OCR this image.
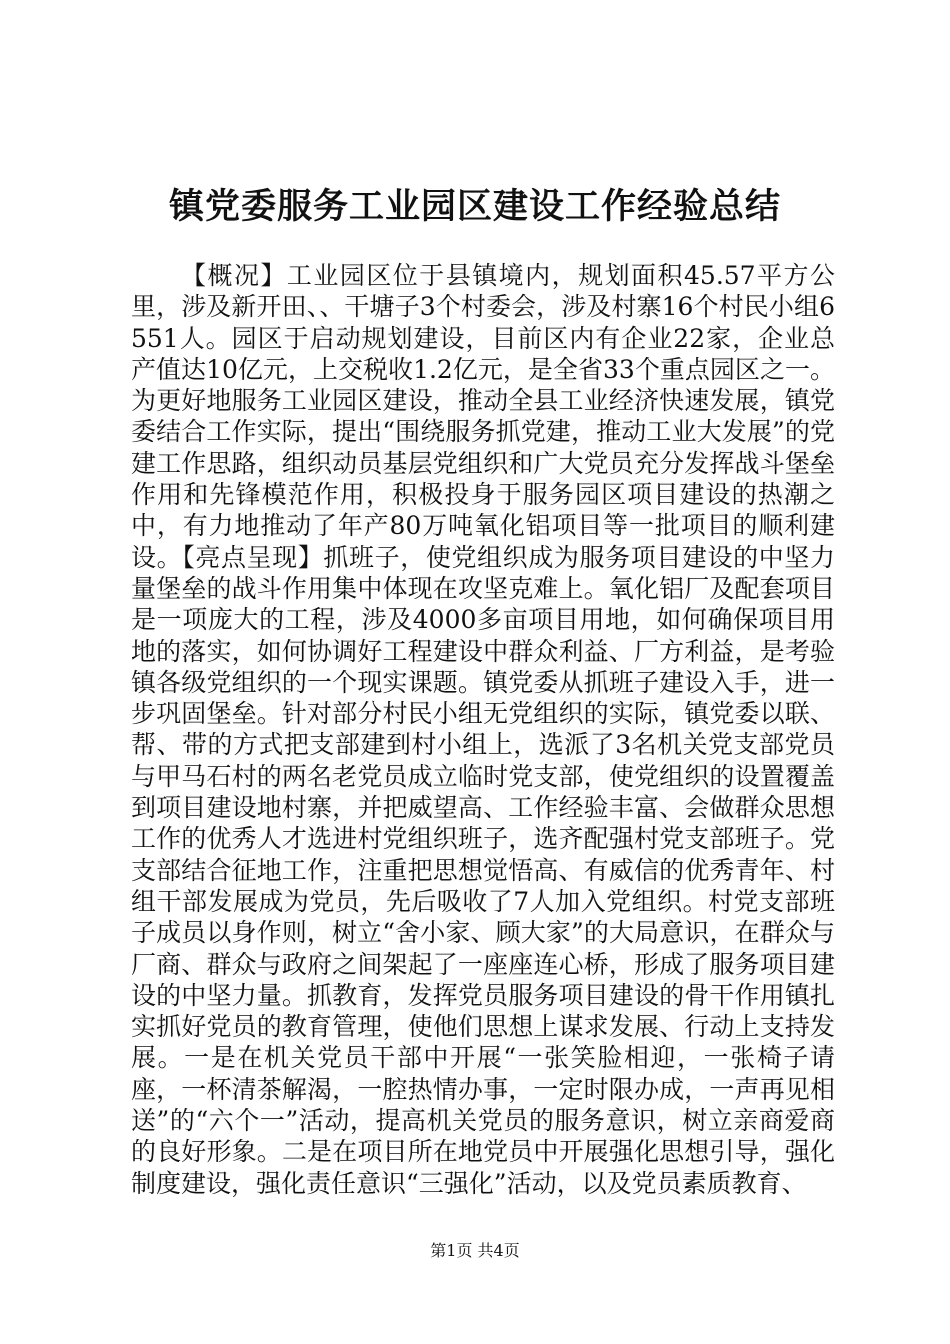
镇党委服务工业园区建设工作经验总结

【概况】工业园区位于县镇境内，规划面积45.57平方公里，涉及新开田、、干塘子3个村委会，涉及村寨16个村民小组6551人。园区于启动规划建设，目前区内有企业22家，企业总产值达10亿元，上交税收1.2亿元，是全省33个重点园区之一。为更好地服务工业园区建设，推动全县工业经济快速发展，镇党委结合工作实际，提出“围绕服务抓党建，推动工业大发展”的党建工作思路，组织动员基层党组织和广大党员充分发挥战斗堡垒作用和先锋模范作用，积极投身于服务园区项目建设的热潮之中，有力地推动了年产80万吨氧化铝项目等一批项目的顺利建设。【亮点呈现】抓班子，使党组织成为服务项目建设的中坚力量堡垒的战斗作用集中体现在攻坚克难上。氧化铝厂及配套项目是一项庞大的工程，涉及4000多亩项目用地，如何确保项目用地的落实，如何协调好工程建设中群众利益、厂方利益，是考验镇各级党组织的一个现实课题。镇党委从抓班子建设入手，进一步巩固堡垒。针对部分村民小组无党组织的实际，镇党委以联、帮、带的方式把支部建到村小组上，选派了3名机关党支部党员与甲马石村的两名老党员成立临时党支部，使党组织的设置覆盖到项目建设地村寨，并把威望高、工作经验丰富、会做群众思想工作的优秀人才选进村党组织班子，选齐配强村党支部班子。党支部结合征地工作，注重把思想觉悟高、有威信的优秀青年、村组干部发展成为党员，先后吸收了7人加入党组织。村党支部班子成员以身作则，树立“舍小家、顾大家”的大局意识，在群众与厂商、群众与政府之间架起了一座座连心桥，形成了服务项目建设的中坚力量。抓教育，发挥党员服务项目建设的骨干作用镇扎实抓好党员的教育管理，使他们思想上谋求发展、行动上支持发展。一是在机关党员干部中开展“一张笑脸相迎，一张椅子请座，一杯清茶解渴，一腔热情办事，一定时限办成，一声再见相送”的“六个一”活动，提高机关党员的服务意识，树立亲商爱商的良好形象。二是在项目所在地党员中开展强化思想引导，强化制度建设，强化责任意识“三强化”活动，以及党员素质教育、

第1页 共4页
